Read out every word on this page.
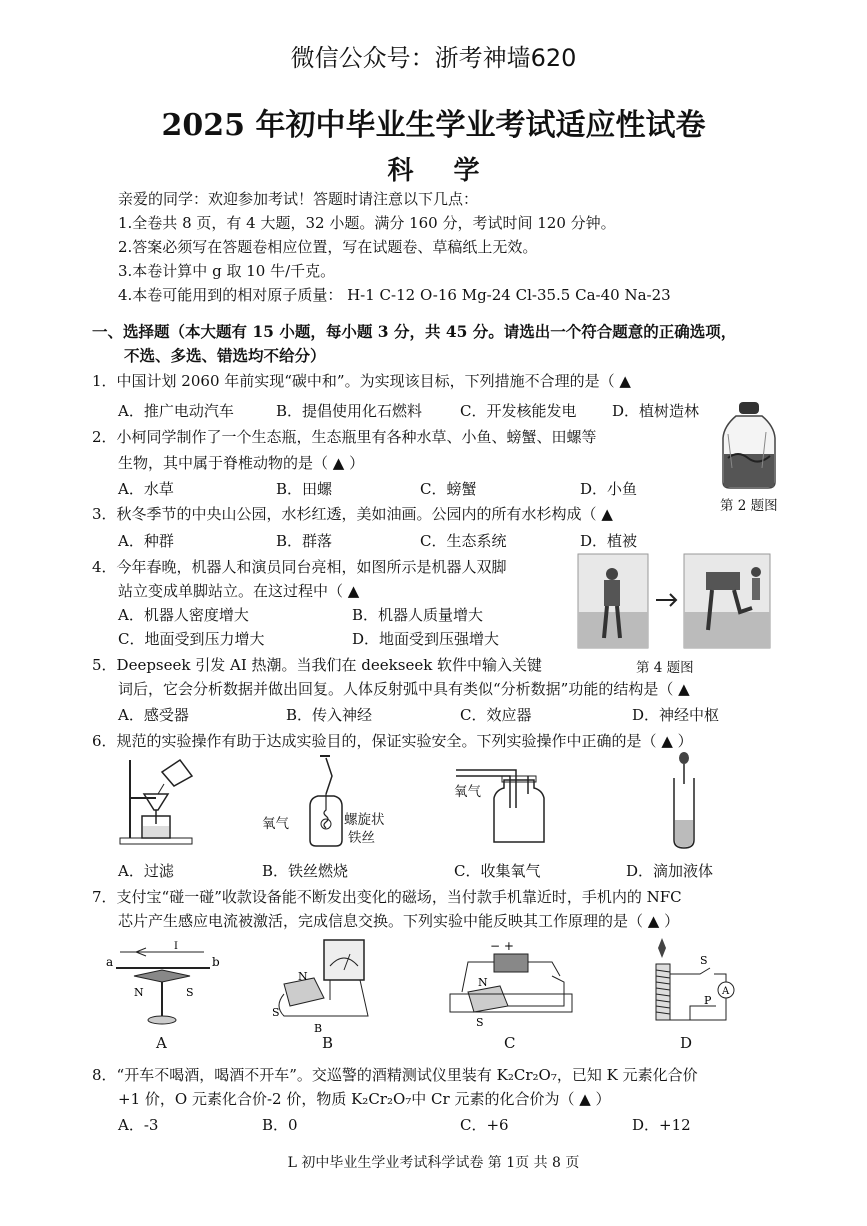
微信公众号：浙考神墙620
2025 年初中毕业生学业考试适应性试卷
科学
亲爱的同学：欢迎参加考试！答题时请注意以下几点：
1.全卷共 8 页，有 4 大题，32 小题。满分 160 分，考试时间 120 分钟。
2.答案必须写在答题卷相应位置，写在试题卷、草稿纸上无效。
3.本卷计算中 g 取 10 牛/千克。
4.本卷可能用到的相对原子质量： H-1 C-12 O-16 Mg-24 Cl-35.5 Ca-40 Na-23
一、选择题（本大题有 15 小题，每小题 3 分，共 45 分。请选出一个符合题意的正确选项，
不选、多选、错选均不给分）
1．中国计划 2060 年前实现“碳中和”。为实现该目标，下列措施不合理的是（ ▲
A．推广电动汽车	B．提倡使用化石燃料	C．开发核能发电 D．植树造林
2．小柯同学制作了一个生态瓶，生态瓶里有各种水草、小鱼、螃蟹、田螺等
生物，其中属于脊椎动物的是（ ▲ ）
A．水草	B．田螺	C．螃蟹	D．小鱼
第 2 题图
3．秋冬季节的中央山公园，水杉红透，美如油画。公园内的所有水杉构成（ ▲
A．种群	B．群落	C．生态系统	D．植被
4．今年春晚，机器人和演员同台亮相，如图所示是机器人双脚
站立变成单脚站立。在这过程中（ ▲
A．机器人密度增大	B．机器人质量增大
C．地面受到压力增大	D．地面受到压强增大
第 4 题图
5．Deepseek 引发 AI 热潮。当我们在 deekseek 软件中输入关键
词后，它会分析数据并做出回复。人体反射弧中具有类似“分析数据”功能的结构是（ ▲
A．感受器	B．传入神经	C．效应器	D．神经中枢
6．规范的实验操作有助于达成实验目的，保证实验安全。下列实验操作中正确的是（ ▲ ）
A．过滤
氧气	螺旋状
铁丝
B．铁丝燃烧
氧气
C．收集氧气	D．滴加液体
7．支付宝“碰一碰”收款设备能不断发出变化的磁场，当付款手机靠近时，手机内的 NFC
芯片产生感应电流被激活，完成信息交换。下列实验中能反映其工作原理的是（ ▲ ）
I
a	b
N	S
A
N
S
B
B
− +
N
S
C
S
A
P
D
8．“开车不喝酒，喝酒不开车”。交巡警的酒精测试仪里装有 K₂Cr₂O₇，已知 K 元素化合价
+1 价，O 元素化合价-2 价，物质 K₂Cr₂O₇中 Cr 元素的化合价为（ ▲ ）
A．-3	B．0	C．+6	D．+12
L 初中毕业生学业考试科学试卷 第 1页 共 8 页
